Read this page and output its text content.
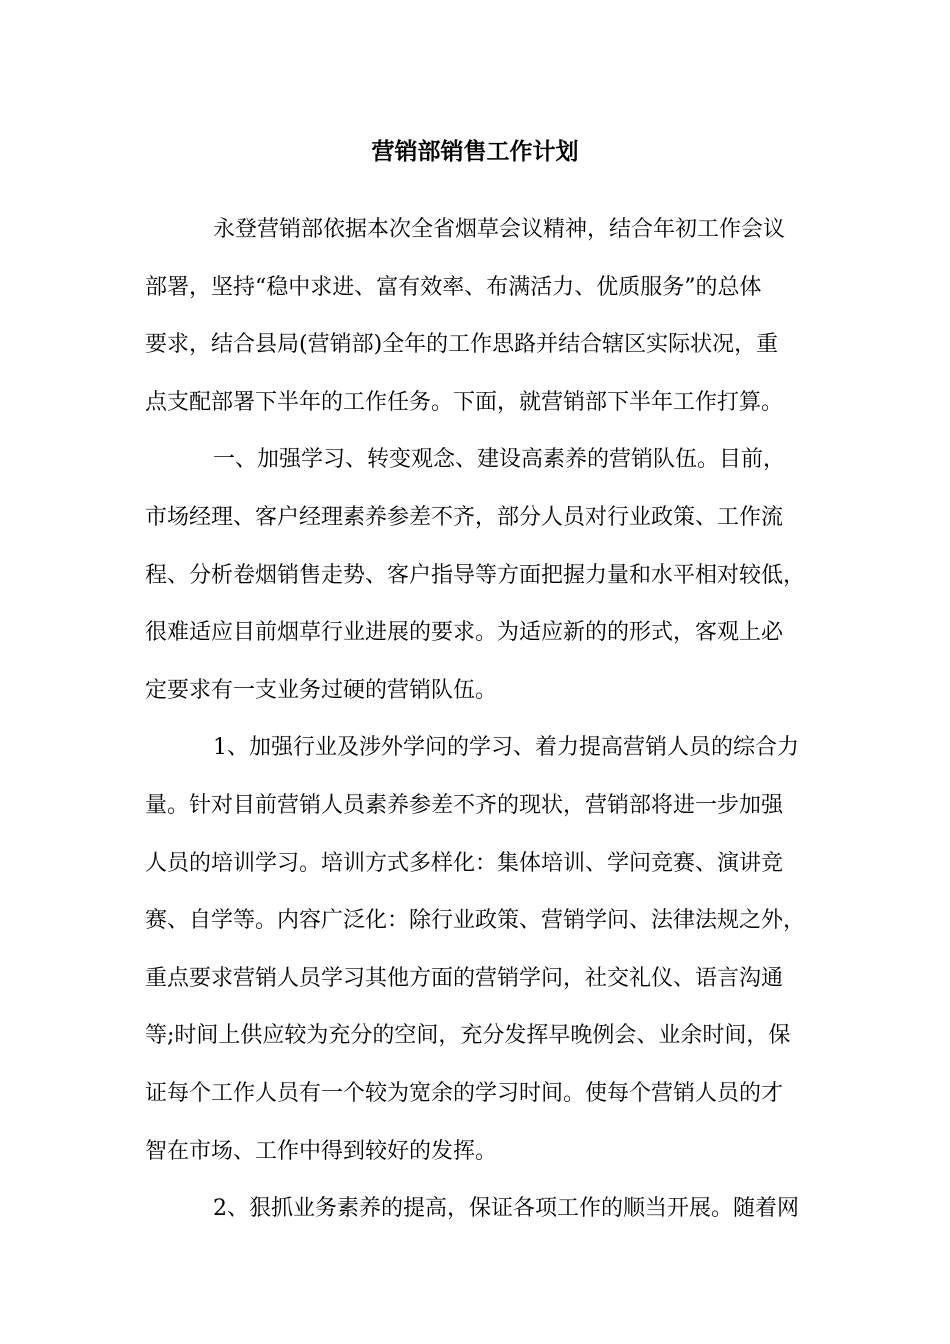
营销部销售工作计划

永登营销部依据本次全省烟草会议精神，结合年初工作会议
部署，坚持“稳中求进、富有效率、布满活力、优质服务”的总体
要求，结合县局(营销部)全年的工作思路并结合辖区实际状况，重
点支配部署下半年的工作任务。下面，就营销部下半年工作打算。

一、加强学习、转变观念、建设高素养的营销队伍。目前，
市场经理、客户经理素养参差不齐，部分人员对行业政策、工作流
程、分析卷烟销售走势、客户指导等方面把握力量和水平相对较低，
很难适应目前烟草行业进展的要求。为适应新的的形式，客观上必
定要求有一支业务过硬的营销队伍。

1、加强行业及涉外学问的学习、着力提高营销人员的综合力
量。针对目前营销人员素养参差不齐的现状，营销部将进一步加强
人员的培训学习。培训方式多样化：集体培训、学问竞赛、演讲竞
赛、自学等。内容广泛化：除行业政策、营销学问、法律法规之外，
重点要求营销人员学习其他方面的营销学问，社交礼仪、语言沟通
等;时间上供应较为充分的空间，充分发挥早晚例会、业余时间，保
证每个工作人员有一个较为宽余的学习时间。使每个营销人员的才
智在市场、工作中得到较好的发挥。

2、狠抓业务素养的提高，保证各项工作的顺当开展。随着网
